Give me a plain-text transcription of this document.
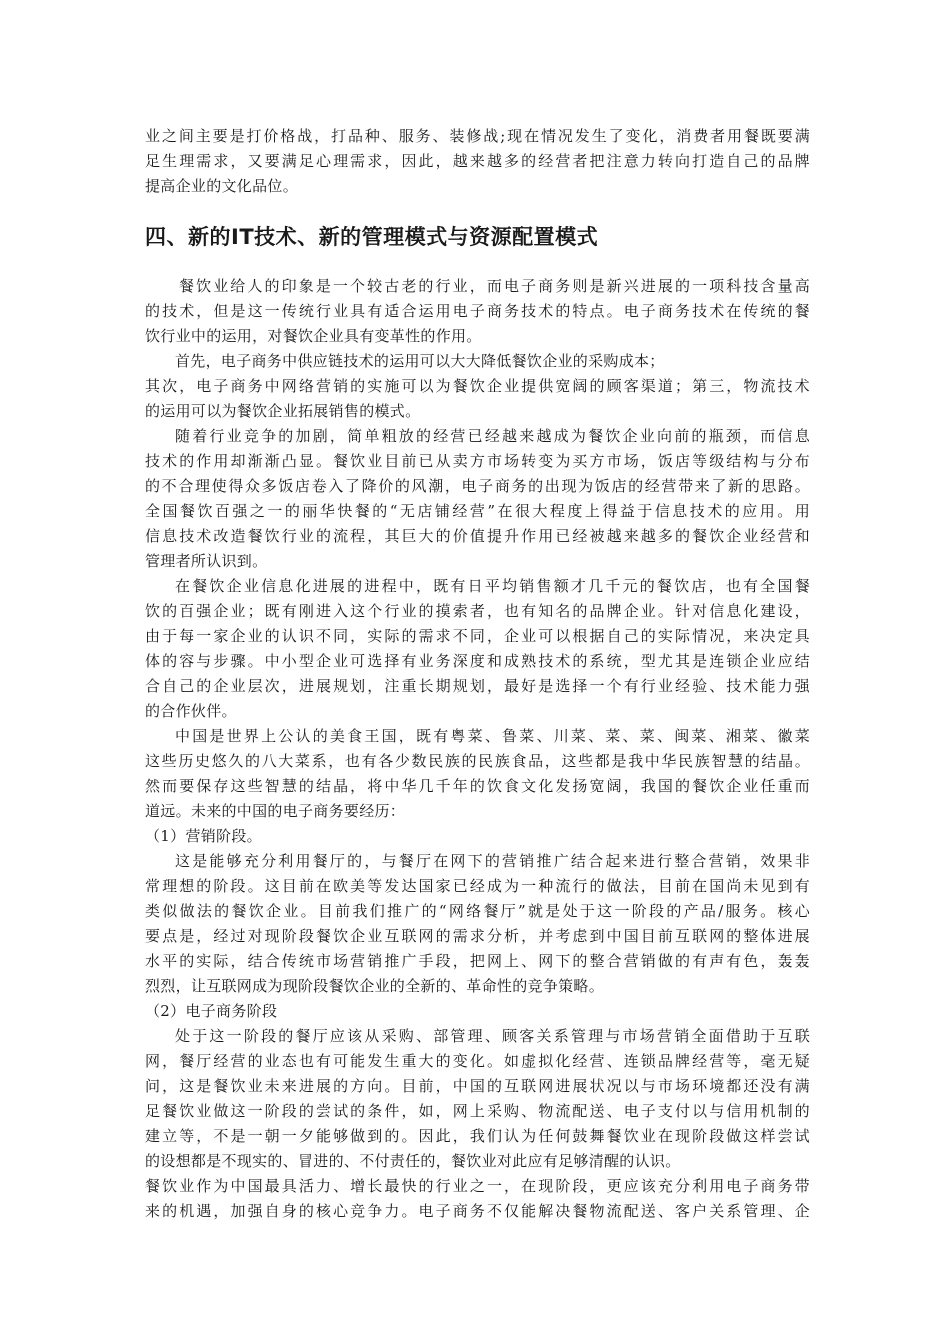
业之间主要是打价格战，打品种、服务、装修战;现在情况发生了变化，消费者用餐既要满
足生理需求，又要满足心理需求，因此，越来越多的经营者把注意力转向打造自己的品牌
提高企业的文化品位。
四、新的IT技术、新的管理模式与资源配置模式
餐饮业给人的印象是一个较古老的行业，而电子商务则是新兴进展的一项科技含量高
的技术，但是这一传统行业具有适合运用电子商务技术的特点。电子商务技术在传统的餐
饮行业中的运用，对餐饮企业具有变革性的作用。
首先，电子商务中供应链技术的运用可以大大降低餐饮企业的采购成本；
其次，电子商务中网络营销的实施可以为餐饮企业提供宽阔的顾客渠道；第三，物流技术
的运用可以为餐饮企业拓展销售的模式。
随着行业竞争的加剧，简单粗放的经营已经越来越成为餐饮企业向前的瓶颈，而信息
技术的作用却渐渐凸显。餐饮业目前已从卖方市场转变为买方市场，饭店等级结构与分布
的不合理使得众多饭店卷入了降价的风潮，电子商务的出现为饭店的经营带来了新的思路。
全国餐饮百强之一的丽华快餐的“无店铺经营”在很大程度上得益于信息技术的应用。用
信息技术改造餐饮行业的流程，其巨大的价值提升作用已经被越来越多的餐饮企业经营和
管理者所认识到。
在餐饮企业信息化进展的进程中，既有日平均销售额才几千元的餐饮店，也有全国餐
饮的百强企业；既有刚进入这个行业的摸索者，也有知名的品牌企业。针对信息化建设，
由于每一家企业的认识不同，实际的需求不同，企业可以根据自己的实际情况，来决定具
体的容与步骤。中小型企业可选择有业务深度和成熟技术的系统，型尤其是连锁企业应结
合自己的企业层次，进展规划，注重长期规划，最好是选择一个有行业经验、技术能力强
的合作伙伴。
中国是世界上公认的美食王国，既有粤菜、鲁菜、川菜、菜、菜、闽菜、湘菜、徽菜
这些历史悠久的八大菜系，也有各少数民族的民族食品，这些都是我中华民族智慧的结晶。
然而要保存这些智慧的结晶，将中华几千年的饮食文化发扬宽阔，我国的餐饮企业任重而
道远。未来的中国的电子商务要经历：
（1）营销阶段。
这是能够充分利用餐厅的，与餐厅在网下的营销推广结合起来进行整合营销，效果非
常理想的阶段。这目前在欧美等发达国家已经成为一种流行的做法，目前在国尚未见到有
类似做法的餐饮企业。目前我们推广的“网络餐厅”就是处于这一阶段的产品/服务。核心
要点是，经过对现阶段餐饮企业互联网的需求分析，并考虑到中国目前互联网的整体进展
水平的实际，结合传统市场营销推广手段，把网上、网下的整合营销做的有声有色，轰轰
烈烈，让互联网成为现阶段餐饮企业的全新的、革命性的竞争策略。
（2）电子商务阶段
处于这一阶段的餐厅应该从采购、部管理、顾客关系管理与市场营销全面借助于互联
网，餐厅经营的业态也有可能发生重大的变化。如虚拟化经营、连锁品牌经营等，毫无疑
问，这是餐饮业未来进展的方向。目前，中国的互联网进展状况以与市场环境都还没有满
足餐饮业做这一阶段的尝试的条件，如，网上采购、物流配送、电子支付以与信用机制的
建立等，不是一朝一夕能够做到的。因此，我们认为任何鼓舞餐饮业在现阶段做这样尝试
的设想都是不现实的、冒进的、不付责任的，餐饮业对此应有足够清醒的认识。
餐饮业作为中国最具活力、增长最快的行业之一，在现阶段，更应该充分利用电子商务带
来的机遇，加强自身的核心竞争力。电子商务不仅能解决餐物流配送、客户关系管理、企
